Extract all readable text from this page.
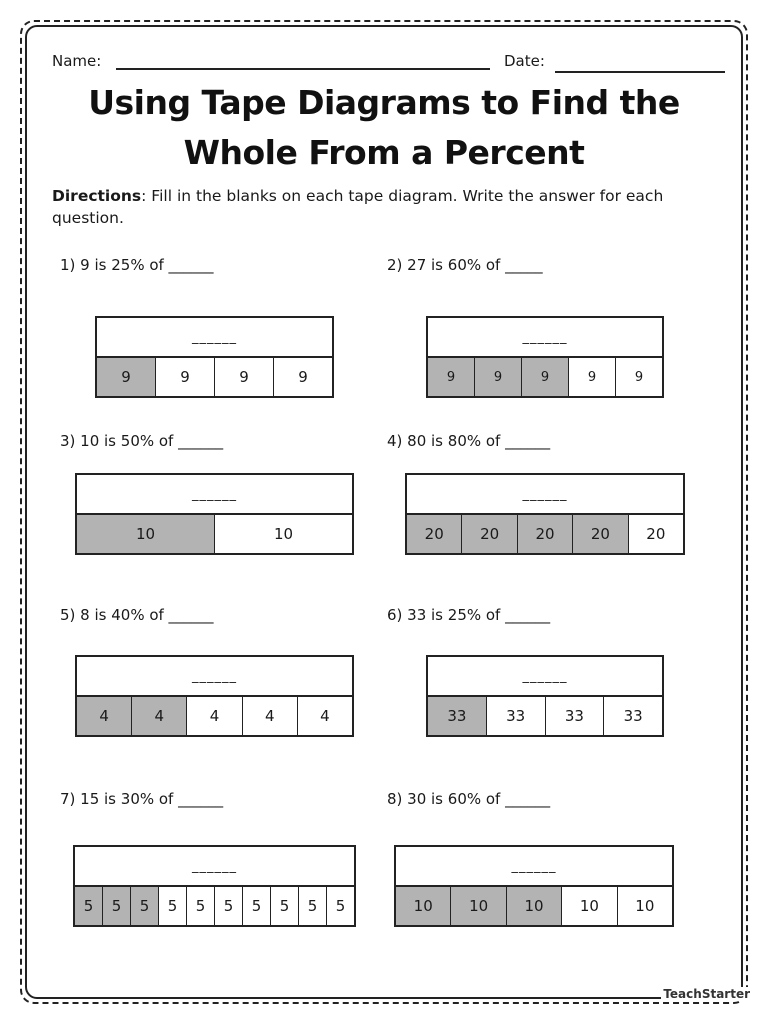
Name:	Date:
Using Tape Diagrams to Find the
Whole From a Percent
Directions: Fill in the blanks on each tape diagram. Write the answer for each question.
1) 9 is 25% of ______
______
9	9	9	9
2) 27 is 60% of _____
______
9	9	9	9	9
3) 10 is 50% of ______
______
10	10
4) 80 is 80% of ______
______
20	20	20	20	20
5) 8 is 40% of ______
______
4	4	4	4	4
6) 33 is 25% of ______
______
33	33	33	33
7) 15 is 30% of ______
______
5	5	5	5	5	5	5	5	5	5
8) 30 is 60% of ______
______
10	10	10	10	10
TeachStarter
